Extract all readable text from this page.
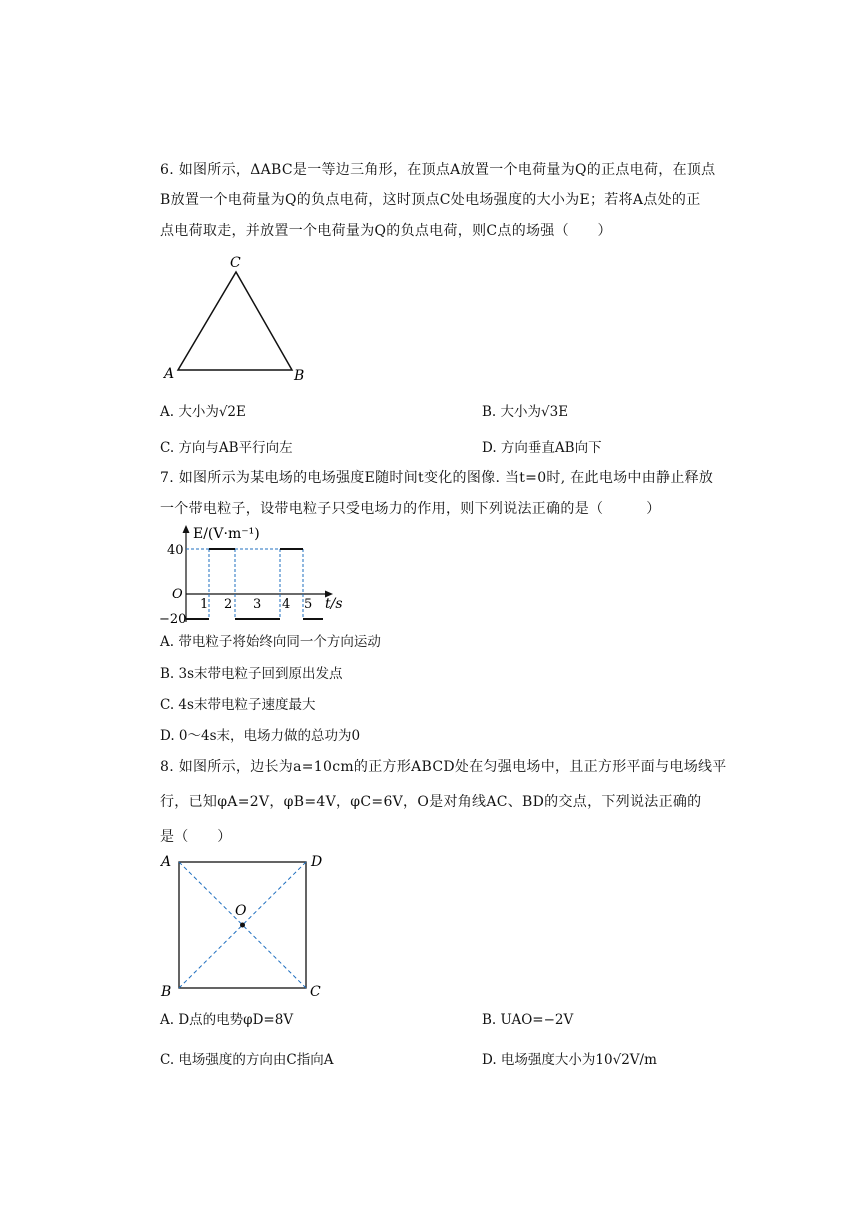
6. 如图所示，ΔABC是一等边三角形，在顶点A放置一个电荷量为Q的正点电荷，在顶点
B放置一个电荷量为Q的负点电荷，这时顶点C处电场强度的大小为E；若将A点处的正
点电荷取走，并放置一个电荷量为Q的负点电荷，则C点的场强（　　）
C
A	B
A. 大小为√2E	B. 大小为√3E
C. 方向与AB平行向左	D. 方向垂直AB向下
7. 如图所示为某电场的电场强度E随时间t变化的图像. 当t=0时, 在此电场中由静止释放
一个带电粒子，设带电粒子只受电场力的作用，则下列说法正确的是（　　　）
E/(V·m⁻¹)
40
−20
O
1 2 3 4 5 t/s
A. 带电粒子将始终向同一个方向运动
B. 3s末带电粒子回到原出发点
C. 4s末带电粒子速度最大
D. 0～4s末，电场力做的总功为0
8. 如图所示，边长为a=10cm的正方形ABCD处在匀强电场中，且正方形平面与电场线平
行，已知φA=2V，φB=4V，φC=6V，O是对角线AC、BD的交点，下列说法正确的
是（　　）
A	D
B	C
O
A. D点的电势φD=8V	B. UAO=−2V
C. 电场强度的方向由C指向A	D. 电场强度大小为10√2V/m
